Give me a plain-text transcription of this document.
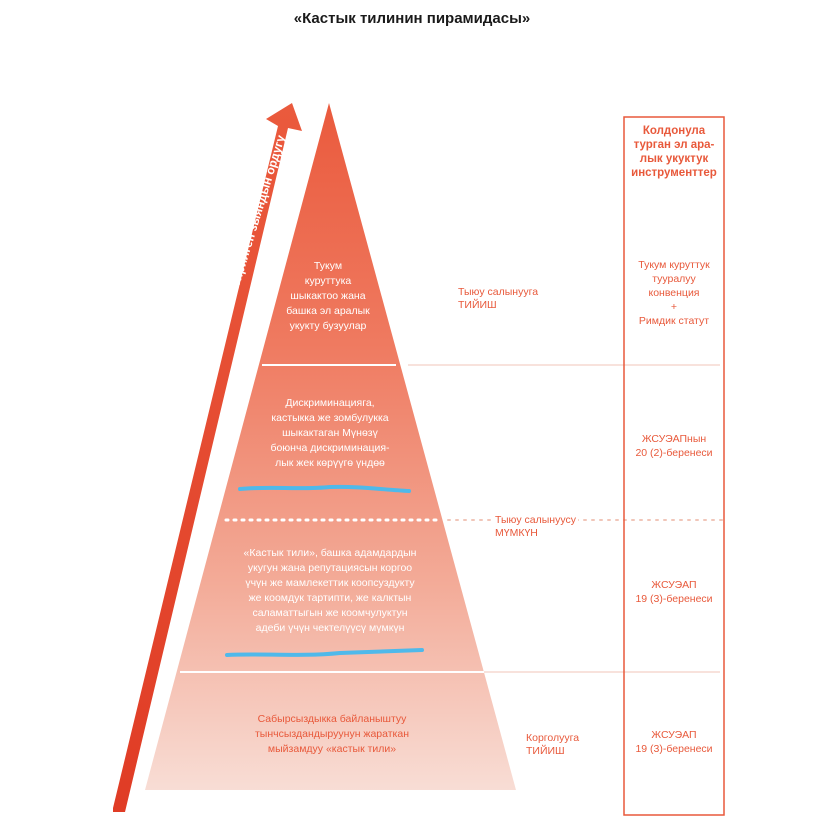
«Кастык тилинин пирамидасы»
Келтирилген зыяндын ордугу	Тукум
куруттука
шыкактоо жана
башка эл аралык
укукту бузуулар
Дискриминацияга,
кастыкка же зомбулукка
шыкактаган Мүнөзү
боюнча дискриминация-
лык жек көрүүгө үндөө
«Кастык тили», башка адамдардын
укугун жана репутациясын коргоо
үчүн же мамлекеттик коопсуздукту
же коомдук тартипти, же калктын
саламаттыгын же коомчулуктун
адеби үчүн чектелүүсү мүмкүн
Сабырсыздыкка байланыштуу
тынчсыздандыруунун жараткан
мыйзамдуу «кастык тили»
Тыюу салынууга
ТИЙИШ
Тыюу салынуусу
МҮМКҮН
Корголууга
ТИЙИШ
Колдонула
турган эл ара-
лык укуктук
инструменттер
Тукум куруттук
тууралуу
конвенция
+
Римдик статут
ЖСУЭАПнын
20 (2)-беренеси
ЖСУЭАП
19 (3)-беренеси
ЖСУЭАП
19 (3)-беренеси
